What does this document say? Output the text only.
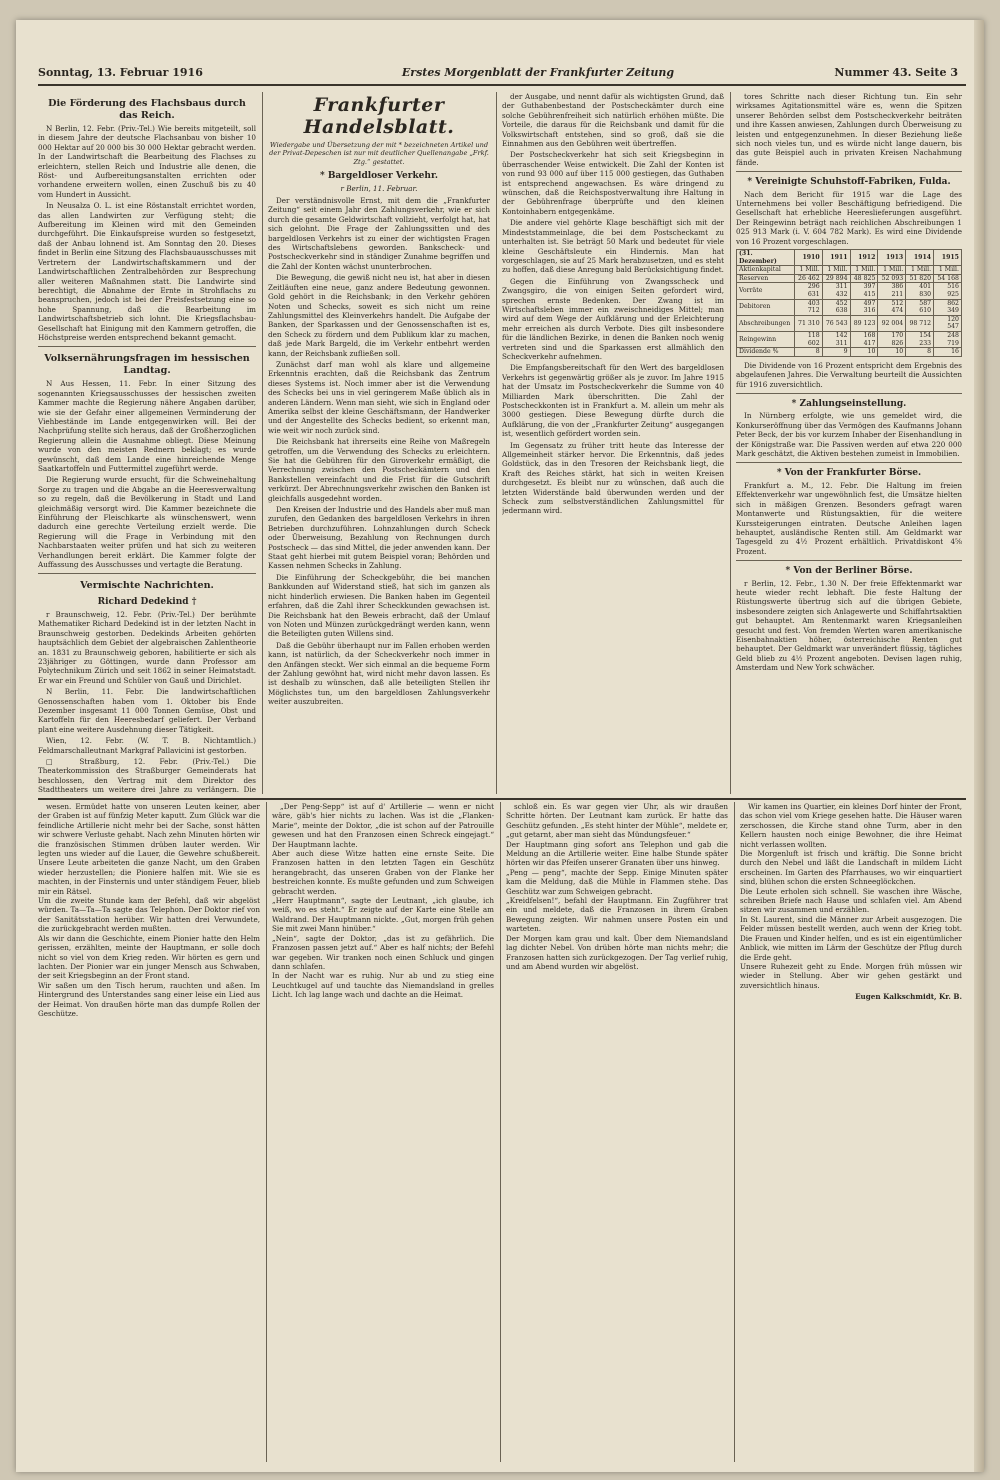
Sonntag, 13. Februar 1916	Erstes Morgenblatt der Frankfurter Zeitung	Nummer 43. Seite 3
Die Förderung des Flachsbaus durch das Reich.

N Berlin, 12. Febr. (Priv.-Tel.) Wie bereits mitgeteilt, soll in diesem Jahre der deutsche Flachsanbau von bisher 10 000 Hektar auf 20 000 bis 30 000 Hektar gebracht werden. In der Landwirtschaft die Bearbeitung des Flachses zu erleichtern, stellen Reich und Industrie alle denen, die Röst- und Aufbereitungsanstalten errichten oder vorhandene erweitern wollen, einen Zuschuß bis zu 40 vom Hundert in Aussicht.

In Neusalza O. L. ist eine Röstanstalt errichtet worden, das allen Landwirten zur Verfügung steht; die Aufbereitung im Kleinen wird mit den Gemeinden durchgeführt. Die Einkaufspreise wurden so festgesetzt, daß der Anbau lohnend ist. Am Sonntag den 20. Dieses findet in Berlin eine Sitzung des Flachsbauausschusses mit Vertretern der Landwirtschaftskammern und der Landwirtschaftlichen Zentralbehörden zur Besprechung aller weiteren Maßnahmen statt. Die Landwirte sind berechtigt, die Abnahme der Ernte in Strohflachs zu beanspruchen, jedoch ist bei der Preisfestsetzung eine so hohe Spannung, daß die Bearbeitung im Landwirtschaftsbetrieb sich lohnt. Die Kriegsflachsbau-Gesellschaft hat Einigung mit den Kammern getroffen, die Höchstpreise werden entsprechend bekannt gemacht.

Volksernährungsfragen im hessischen Landtag.

N Aus Hessen, 11. Febr. In einer Sitzung des sogenannten Kriegsausschusses der hessischen zweiten Kammer machte die Regierung nähere Angaben darüber, wie sie der Gefahr einer allgemeinen Verminderung der Viehbestände im Lande entgegenwirken will. Bei der Nachprüfung stellte sich heraus, daß der Großherzoglichen Regierung allein die Ausnahme obliegt. Diese Meinung wurde von den meisten Rednern beklagt; es wurde gewünscht, daß dem Lande eine hinreichende Menge Saatkartoffeln und Futtermittel zugeführt werde.

Die Regierung wurde ersucht, für die Schweinehaltung Sorge zu tragen und die Abgabe an die Heeresverwaltung so zu regeln, daß die Bevölkerung in Stadt und Land gleichmäßig versorgt wird. Die Kammer bezeichnete die Einführung der Fleischkarte als wünschenswert, wenn dadurch eine gerechte Verteilung erzielt werde. Die Regierung will die Frage in Verbindung mit den Nachbarstaaten weiter prüfen und hat sich zu weiteren Verhandlungen bereit erklärt. Die Kammer folgte der Auffassung des Ausschusses und vertagte die Beratung.

Vermischte Nachrichten.
Richard Dedekind †

r Braunschweig, 12. Febr. (Priv.-Tel.) Der berühmte Mathematiker Richard Dedekind ist in der letzten Nacht in Braunschweig gestorben. Dedekinds Arbeiten gehörten hauptsächlich dem Gebiet der algebraischen Zahlentheorie an. 1831 zu Braunschweig geboren, habilitierte er sich als 23jähriger zu Göttingen, wurde dann Professor am Polytechnikum Zürich und seit 1862 in seiner Heimatstadt. Er war ein Freund und Schüler von Gauß und Dirichlet.

N Berlin, 11. Febr. Die landwirtschaftlichen Genossenschaften haben vom 1. Oktober bis Ende Dezember insgesamt 11 000 Tonnen Gemüse, Obst und Kartoffeln für den Heeresbedarf geliefert. Der Verband plant eine weitere Ausdehnung dieser Tätigkeit.

Wien, 12. Febr. (W. T. B. Nichtamtlich.) Feldmarschalleutnant Markgraf Pallavicini ist gestorben.

□ Straßburg, 12. Febr. (Priv.-Tel.) Die Theaterkommission des Straßburger Gemeinderats hat beschlossen, den Vertrag mit dem Direktor des Stadttheaters um weitere drei Jahre zu verlängern. Die

Frankfurter Handelsblatt.
Wiedergabe und Übersetzung der mit * bezeichneten Artikel und der Privat-Depeschen ist nur mit deutlicher Quellenangabe „Frkf. Ztg.“ gestattet.
* Bargeldloser Verkehr.
r Berlin, 11. Februar.

Der verständnisvolle Ernst, mit dem die „Frankfurter Zeitung“ seit einem Jahr den Zahlungsverkehr, wie er sich durch die gesamte Geldwirtschaft vollzieht, verfolgt hat, hat sich gelohnt. Die Frage der Zahlungssitten und des bargeldlosen Verkehrs ist zu einer der wichtigsten Fragen des Wirtschaftslebens geworden. Bankscheck- und Postscheckverkehr sind in ständiger Zunahme begriffen und die Zahl der Konten wächst ununterbrochen.

Die Bewegung, die gewiß nicht neu ist, hat aber in diesen Zeitläuften eine neue, ganz andere Bedeutung gewonnen. Gold gehört in die Reichsbank; in den Verkehr gehören Noten und Schecks, soweit es sich nicht um reine Zahlungsmittel des Kleinverkehrs handelt. Die Aufgabe der Banken, der Sparkassen und der Genossenschaften ist es, den Scheck zu fördern und dem Publikum klar zu machen, daß jede Mark Bargeld, die im Verkehr entbehrt werden kann, der Reichsbank zufließen soll.

Zunächst darf man wohl als klare und allgemeine Erkenntnis erachten, daß die Reichsbank das Zentrum dieses Systems ist. Noch immer aber ist die Verwendung des Schecks bei uns in viel geringerem Maße üblich als in anderen Ländern. Wenn man sieht, wie sich in England oder Amerika selbst der kleine Geschäftsmann, der Handwerker und der Angestellte des Schecks bedient, so erkennt man, wie weit wir noch zurück sind.

Die Reichsbank hat ihrerseits eine Reihe von Maßregeln getroffen, um die Verwendung des Schecks zu erleichtern. Sie hat die Gebühren für den Giroverkehr ermäßigt, die Verrechnung zwischen den Postscheckämtern und den Bankstellen vereinfacht und die Frist für die Gutschrift verkürzt. Der Abrechnungsverkehr zwischen den Banken ist gleichfalls ausgedehnt worden.

Den Kreisen der Industrie und des Handels aber muß man zurufen, den Gedanken des bargeldlosen Verkehrs in ihren Betrieben durchzuführen. Lohnzahlungen durch Scheck oder Überweisung, Bezahlung von Rechnungen durch Postscheck — das sind Mittel, die jeder anwenden kann. Der Staat geht hierbei mit gutem Beispiel voran; Behörden und Kassen nehmen Schecks in Zahlung.

Die Einführung der Scheckgebühr, die bei manchen Bankkunden auf Widerstand stieß, hat sich im ganzen als nicht hinderlich erwiesen. Die Banken haben im Gegenteil erfahren, daß die Zahl ihrer Scheckkunden gewachsen ist. Die Reichsbank hat den Beweis erbracht, daß der Umlauf von Noten und Münzen zurückgedrängt werden kann, wenn die Beteiligten guten Willens sind.

Daß die Gebühr überhaupt nur im Fallen erhoben werden kann, ist natürlich, da der Scheckverkehr noch immer in den Anfängen steckt. Wer sich einmal an die bequeme Form der Zahlung gewöhnt hat, wird nicht mehr davon lassen. Es ist deshalb zu wünschen, daß alle beteiligten Stellen ihr Möglichstes tun, um den bargeldlosen Zahlungsverkehr weiter auszubreiten.

der Ausgabe, und nennt dafür als wichtigsten Grund, daß der Guthabenbestand der Postscheckämter durch eine solche Gebührenfreiheit sich natürlich erhöhen müßte. Die Vorteile, die daraus für die Reichsbank und damit für die Volkswirtschaft entstehen, sind so groß, daß sie die Einnahmen aus den Gebühren weit übertreffen.

Der Postscheckverkehr hat sich seit Kriegsbeginn in überraschender Weise entwickelt. Die Zahl der Konten ist von rund 93 000 auf über 115 000 gestiegen, das Guthaben ist entsprechend angewachsen. Es wäre dringend zu wünschen, daß die Reichspostverwaltung ihre Haltung in der Gebührenfrage überprüfte und den kleinen Kontoinhabern entgegenkäme.

Die andere viel gehörte Klage beschäftigt sich mit der Mindeststammeinlage, die bei dem Postscheckamt zu unterhalten ist. Sie beträgt 50 Mark und bedeutet für viele kleine Geschäftsleute ein Hindernis. Man hat vorgeschlagen, sie auf 25 Mark herabzusetzen, und es steht zu hoffen, daß diese Anregung bald Berücksichtigung findet.

Gegen die Einführung von Zwangsscheck und Zwangsgiro, die von einigen Seiten gefordert wird, sprechen ernste Bedenken. Der Zwang ist im Wirtschaftsleben immer ein zweischneidiges Mittel; man wird auf dem Wege der Aufklärung und der Erleichterung mehr erreichen als durch Verbote. Dies gilt insbesondere für die ländlichen Bezirke, in denen die Banken noch wenig vertreten sind und die Sparkassen erst allmählich den Scheckverkehr aufnehmen.

Die Empfangsbereitschaft für den Wert des bargeldlosen Verkehrs ist gegenwärtig größer als je zuvor. Im Jahre 1915 hat der Umsatz im Postscheckverkehr die Summe von 40 Milliarden Mark überschritten. Die Zahl der Postscheckkonten ist in Frankfurt a. M. allein um mehr als 3000 gestiegen. Diese Bewegung dürfte durch die Aufklärung, die von der „Frankfurter Zeitung“ ausgegangen ist, wesentlich gefördert worden sein.

Im Gegensatz zu früher tritt heute das Interesse der Allgemeinheit stärker hervor. Die Erkenntnis, daß jedes Goldstück, das in den Tresoren der Reichsbank liegt, die Kraft des Reiches stärkt, hat sich in weiten Kreisen durchgesetzt. Es bleibt nur zu wünschen, daß auch die letzten Widerstände bald überwunden werden und der Scheck zum selbstverständlichen Zahlungsmittel für jedermann wird.

tores Schritte nach dieser Richtung tun. Ein sehr wirksames Agitationsmittel wäre es, wenn die Spitzen unserer Behörden selbst dem Postscheckverkehr beiträten und ihre Kassen anwiesen, Zahlungen durch Überweisung zu leisten und entgegenzunehmen. In dieser Beziehung ließe sich noch vieles tun, und es würde nicht lange dauern, bis das gute Beispiel auch in privaten Kreisen Nachahmung fände.

* Vereinigte Schuhstoff-Fabriken, Fulda.

Nach dem Bericht für 1915 war die Lage des Unternehmens bei voller Beschäftigung befriedigend. Die Gesellschaft hat erhebliche Heereslieferungen ausgeführt. Der Reingewinn beträgt nach reichlichen Abschreibungen 1 025 913 Mark (i. V. 604 782 Mark). Es wird eine Dividende von 16 Prozent vorgeschlagen.

(31. Dezember)	1910	1911	1912	1913	1914	1915
Aktienkapital	1 Mill.	1 Mill.	1 Mill.	1 Mill.	1 Mill.	1 Mill.
Reserven	26 462	29 894	48 825	52 093	51 820	54 168
Vorräte	296 631	311 432	397 415	386 211	401 830	516 925
Debitoren	403 712	452 638	497 316	512 474	587 610	862 349
Abschreibungen	71 310	76 543	89 123	92 004	98 712	120 547
Reingewinn	118 602	142 311	168 417	170 826	154 233	248 719
Dividende %	8	9	10	10	8	16

Die Dividende von 16 Prozent entspricht dem Ergebnis des abgelaufenen Jahres. Die Verwaltung beurteilt die Aussichten für 1916 zuversichtlich.

* Zahlungseinstellung.

In Nürnberg erfolgte, wie uns gemeldet wird, die Konkurseröffnung über das Vermögen des Kaufmanns Johann Peter Beck, der bis vor kurzem Inhaber der Eisenhandlung in der Königstraße war. Die Passiven werden auf etwa 220 000 Mark geschätzt, die Aktiven bestehen zumeist in Immobilien.

* Von der Frankfurter Börse.

Frankfurt a. M., 12. Febr. Die Haltung im freien Effektenverkehr war ungewöhnlich fest, die Umsätze hielten sich in mäßigen Grenzen. Besonders gefragt waren Montanwerte und Rüstungsaktien, für die weitere Kurssteigerungen eintraten. Deutsche Anleihen lagen behauptet, ausländische Renten still. Am Geldmarkt war Tagesgeld zu 4½ Prozent erhältlich. Privatdiskont 4⅝ Prozent.

* Von der Berliner Börse.

r Berlin, 12. Febr., 1.30 N. Der freie Effektenmarkt war heute wieder recht lebhaft. Die feste Haltung der Rüstungswerte übertrug sich auf die übrigen Gebiete, insbesondere zeigten sich Anlagewerte und Schiffahrtsaktien gut behauptet. Am Rentenmarkt waren Kriegsanleihen gesucht und fest. Von fremden Werten waren amerikanische Eisenbahnaktien höher, österreichische Renten gut behauptet. Der Geldmarkt war unverändert flüssig, tägliches Geld blieb zu 4½ Prozent angeboten. Devisen lagen ruhig, Amsterdam und New York schwächer.

wesen. Ermüdet hatte von unseren Leuten keiner, aber der Graben ist auf fünfzig Meter kaputt. Zum Glück war die feindliche Artillerie nicht mehr bei der Sache, sonst hätten wir schwere Verluste gehabt. Nach zehn Minuten hörten wir die französischen Stimmen drüben lauter werden. Wir legten uns wieder auf die Lauer, die Gewehre schußbereit. Unsere Leute arbeiteten die ganze Nacht, um den Graben wieder herzustellen; die Pioniere halfen mit. Wie sie es machten, in der Finsternis und unter ständigem Feuer, blieb mir ein Rätsel.
Um die zweite Stunde kam der Befehl, daß wir abgelöst würden. Ta—Ta—Ta sagte das Telephon. Der Doktor rief von der Sanitätsstation herüber. Wir hatten drei Verwundete, die zurückgebracht werden mußten.
Als wir dann die Geschichte, einem Pionier hatte den Helm gerissen, erzählten, meinte der Hauptmann, er solle doch nicht so viel von dem Krieg reden. Wir hörten es gern und lachten. Der Pionier war ein junger Mensch aus Schwaben, der seit Kriegsbeginn an der Front stand.
Wir saßen um den Tisch herum, rauchten und aßen. Im Hintergrund des Unterstandes sang einer leise ein Lied aus der Heimat. Von draußen hörte man das dumpfe Rollen der Geschütze.

„Der Peng-Sepp“ ist auf d' Artillerie — wenn er nicht wäre, gäb's hier nichts zu lachen. Was ist die „Flanken-Marie“, meinte der Doktor, „die ist schon auf der Patrouille gewesen und hat den Franzosen einen Schreck eingejagt.“ Der Hauptmann lachte.
Aber auch diese Witze hatten eine ernste Seite. Die Franzosen hatten in den letzten Tagen ein Geschütz herangebracht, das unseren Graben von der Flanke her bestreichen konnte. Es mußte gefunden und zum Schweigen gebracht werden.
„Herr Hauptmann“, sagte der Leutnant, „ich glaube, ich weiß, wo es steht.“ Er zeigte auf der Karte eine Stelle am Waldrand. Der Hauptmann nickte. „Gut, morgen früh gehen Sie mit zwei Mann hinüber.“
„Nein“, sagte der Doktor, „das ist zu gefährlich. Die Franzosen passen jetzt auf.“ Aber es half nichts; der Befehl war gegeben. Wir tranken noch einen Schluck und gingen dann schlafen.
In der Nacht war es ruhig. Nur ab und zu stieg eine Leuchtkugel auf und tauchte das Niemandsland in grelles Licht. Ich lag lange wach und dachte an die Heimat.

schloß ein. Es war gegen vier Uhr, als wir draußen Schritte hörten. Der Leutnant kam zurück. Er hatte das Geschütz gefunden. „Es steht hinter der Mühle“, meldete er, „gut getarnt, aber man sieht das Mündungsfeuer.“
Der Hauptmann ging sofort ans Telephon und gab die Meldung an die Artillerie weiter. Eine halbe Stunde später hörten wir das Pfeifen unserer Granaten über uns hinweg.
„Peng — peng“, machte der Sepp. Einige Minuten später kam die Meldung, daß die Mühle in Flammen stehe. Das Geschütz war zum Schweigen gebracht.
„Kreidfelsen!“, befahl der Hauptmann. Ein Zugführer trat ein und meldete, daß die Franzosen in ihrem Graben Bewegung zeigten. Wir nahmen unsere Posten ein und warteten.
Der Morgen kam grau und kalt. Über dem Niemandsland lag dichter Nebel. Von drüben hörte man nichts mehr; die Franzosen hatten sich zurückgezogen. Der Tag verlief ruhig, und am Abend wurden wir abgelöst.

Wir kamen ins Quartier, ein kleines Dorf hinter der Front, das schon viel vom Kriege gesehen hatte. Die Häuser waren zerschossen, die Kirche stand ohne Turm, aber in den Kellern hausten noch einige Bewohner, die ihre Heimat nicht verlassen wollten.
Die Morgenluft ist frisch und kräftig. Die Sonne bricht durch den Nebel und läßt die Landschaft in mildem Licht erscheinen. Im Garten des Pfarrhauses, wo wir einquartiert sind, blühen schon die ersten Schneeglöckchen.
Die Leute erholen sich schnell. Sie waschen ihre Wäsche, schreiben Briefe nach Hause und schlafen viel. Am Abend sitzen wir zusammen und erzählen.
In St. Laurent, sind die Männer zur Arbeit ausgezogen. Die Felder müssen bestellt werden, auch wenn der Krieg tobt. Die Frauen und Kinder helfen, und es ist ein eigentümlicher Anblick, wie mitten im Lärm der Geschütze der Pflug durch die Erde geht.
Unsere Ruhezeit geht zu Ende. Morgen früh müssen wir wieder in Stellung. Aber wir gehen gestärkt und zuversichtlich hinaus.

Eugen Kalkschmidt, Kr. B.
